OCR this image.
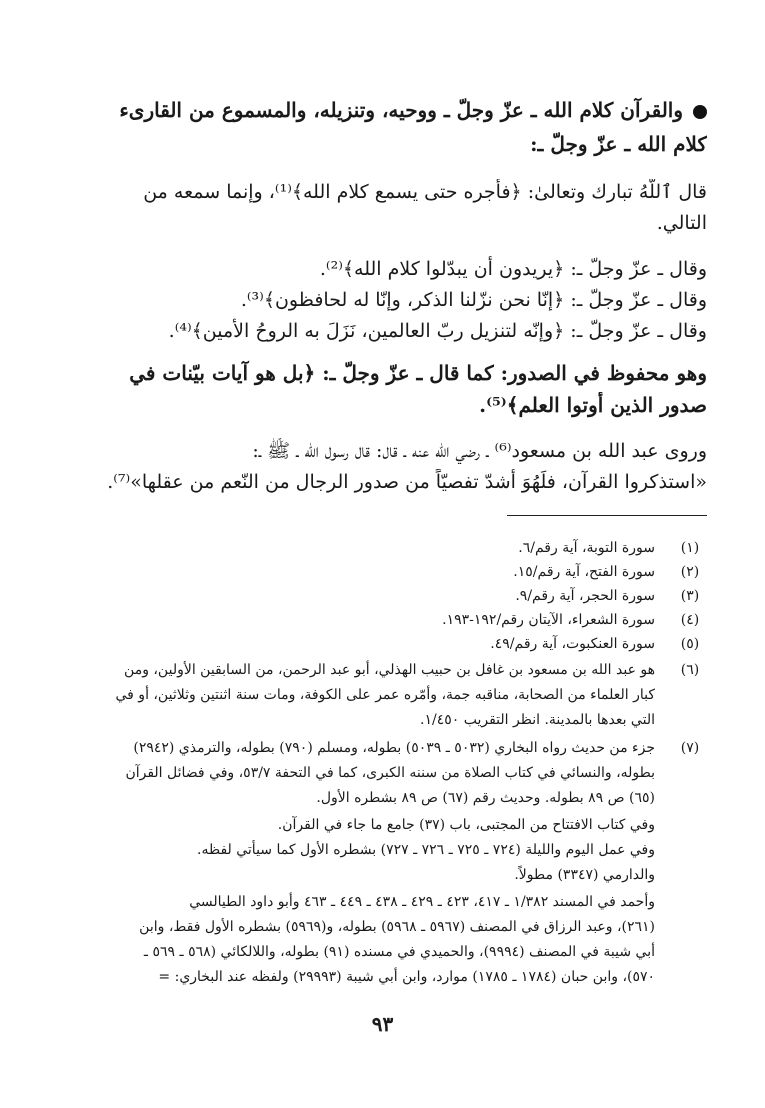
والقرآن كلام الله ـ عزّ وجلّ ـ ووحيه، وتنزيله، والمسموع من القارىء
كلام الله ـ عزّ وجلّ ـ:
قال ٱللَّهُ تبارك وتعالىٰ: ﴿فأجره حتى يسمع كلام الله﴾⁽¹⁾، وإنما سمعه من
التالي.
وقال ـ عزّ وجلّ ـ: ﴿يريدون أن يبدّلوا كلام الله﴾⁽²⁾.
وقال ـ عزّ وجلّ ـ: ﴿إنّا نحن نزّلنا الذكر، وإنّا له لحافظون﴾⁽³⁾.
وقال ـ عزّ وجلّ ـ: ﴿وإنّه لتنزيل ربّ العالمين، نَزَلَ به الروحُ الأمين﴾⁽⁴⁾.
وهو محفوظ في الصدور: كما قال ـ عزّ وجلّ ـ: ﴿بل هو آيات بيّنات في
صدور الذين أوتوا العلم﴾⁽⁵⁾.
وروى عبد الله بن مسعود⁽⁶⁾ ـ رضي الله عنه ـ قال: قال رسول الله ـ ﷺ ـ:
«استذكروا القرآن، فلَهُوَ أشدّ تفصيّاً من صدور الرجال من النّعم من عقلها»⁽⁷⁾.
(١)
سورة التوبة، آية رقم/٦.
(٢)
سورة الفتح، آية رقم/١٥.
(٣)
سورة الحجر، آية رقم/٩.
(٤)
سورة الشعراء، الآيتان رقم/١٩٢-١٩٣.
(٥)
سورة العنكبوت، آية رقم/٤٩.
(٦)
هو عبد الله بن مسعود بن غافل بن حبيب الهذلي، أبو عبد الرحمن، من السابقين الأولين، ومن
كبار العلماء من الصحابة، مناقبه جمة، وأمّره عمر على الكوفة، ومات سنة اثنتين وثلاثين، أو في
التي بعدها بالمدينة. انظر التقريب ١/٤٥٠.
(٧)
جزء من حديث رواه البخاري (٥٠٣٢ ـ ٥٠٣٩) بطوله، ومسلم (٧٩٠) بطوله، والترمذي (٢٩٤٢)
بطوله، والنسائي في كتاب الصلاة من سننه الكبرى، كما في التحفة ٥٣/٧، وفي فضائل القرآن
(٦٥) ص ٨٩ بطوله. وحديث رقم (٦٧) ص ٨٩ بشطره الأول.
وفي كتاب الافتتاح من المجتبى، باب (٣٧) جامع ما جاء في القرآن.
وفي عمل اليوم والليلة (٧٢٤ ـ ٧٢٥ ـ ٧٢٦ ـ ٧٢٧) بشطره الأول كما سيأتي لفظه.
والدارمي (٣٣٤٧) مطولاً.
وأحمد في المسند ١/٣٨٢ ـ ٤١٧، ٤٢٣ ـ ٤٢٩ ـ ٤٣٨ ـ ٤٤٩ ـ ٤٦٣ وأبو داود الطيالسي
(٢٦١)، وعبد الرزاق في المصنف (٥٩٦٧ ـ ٥٩٦٨) بطوله، و(٥٩٦٩) بشطره الأول فقط، وابن
أبي شيبة في المصنف (٩٩٩٤)، والحميدي في مسنده (٩١) بطوله، واللالكائي (٥٦٨ ـ ٥٦٩ ـ
٥٧٠)، وابن حبان (١٧٨٤ ـ ١٧٨٥) موارد، وابن أبي شيبة (٢٩٩٩٣) ولفظه عند البخاري: =
٩٣
